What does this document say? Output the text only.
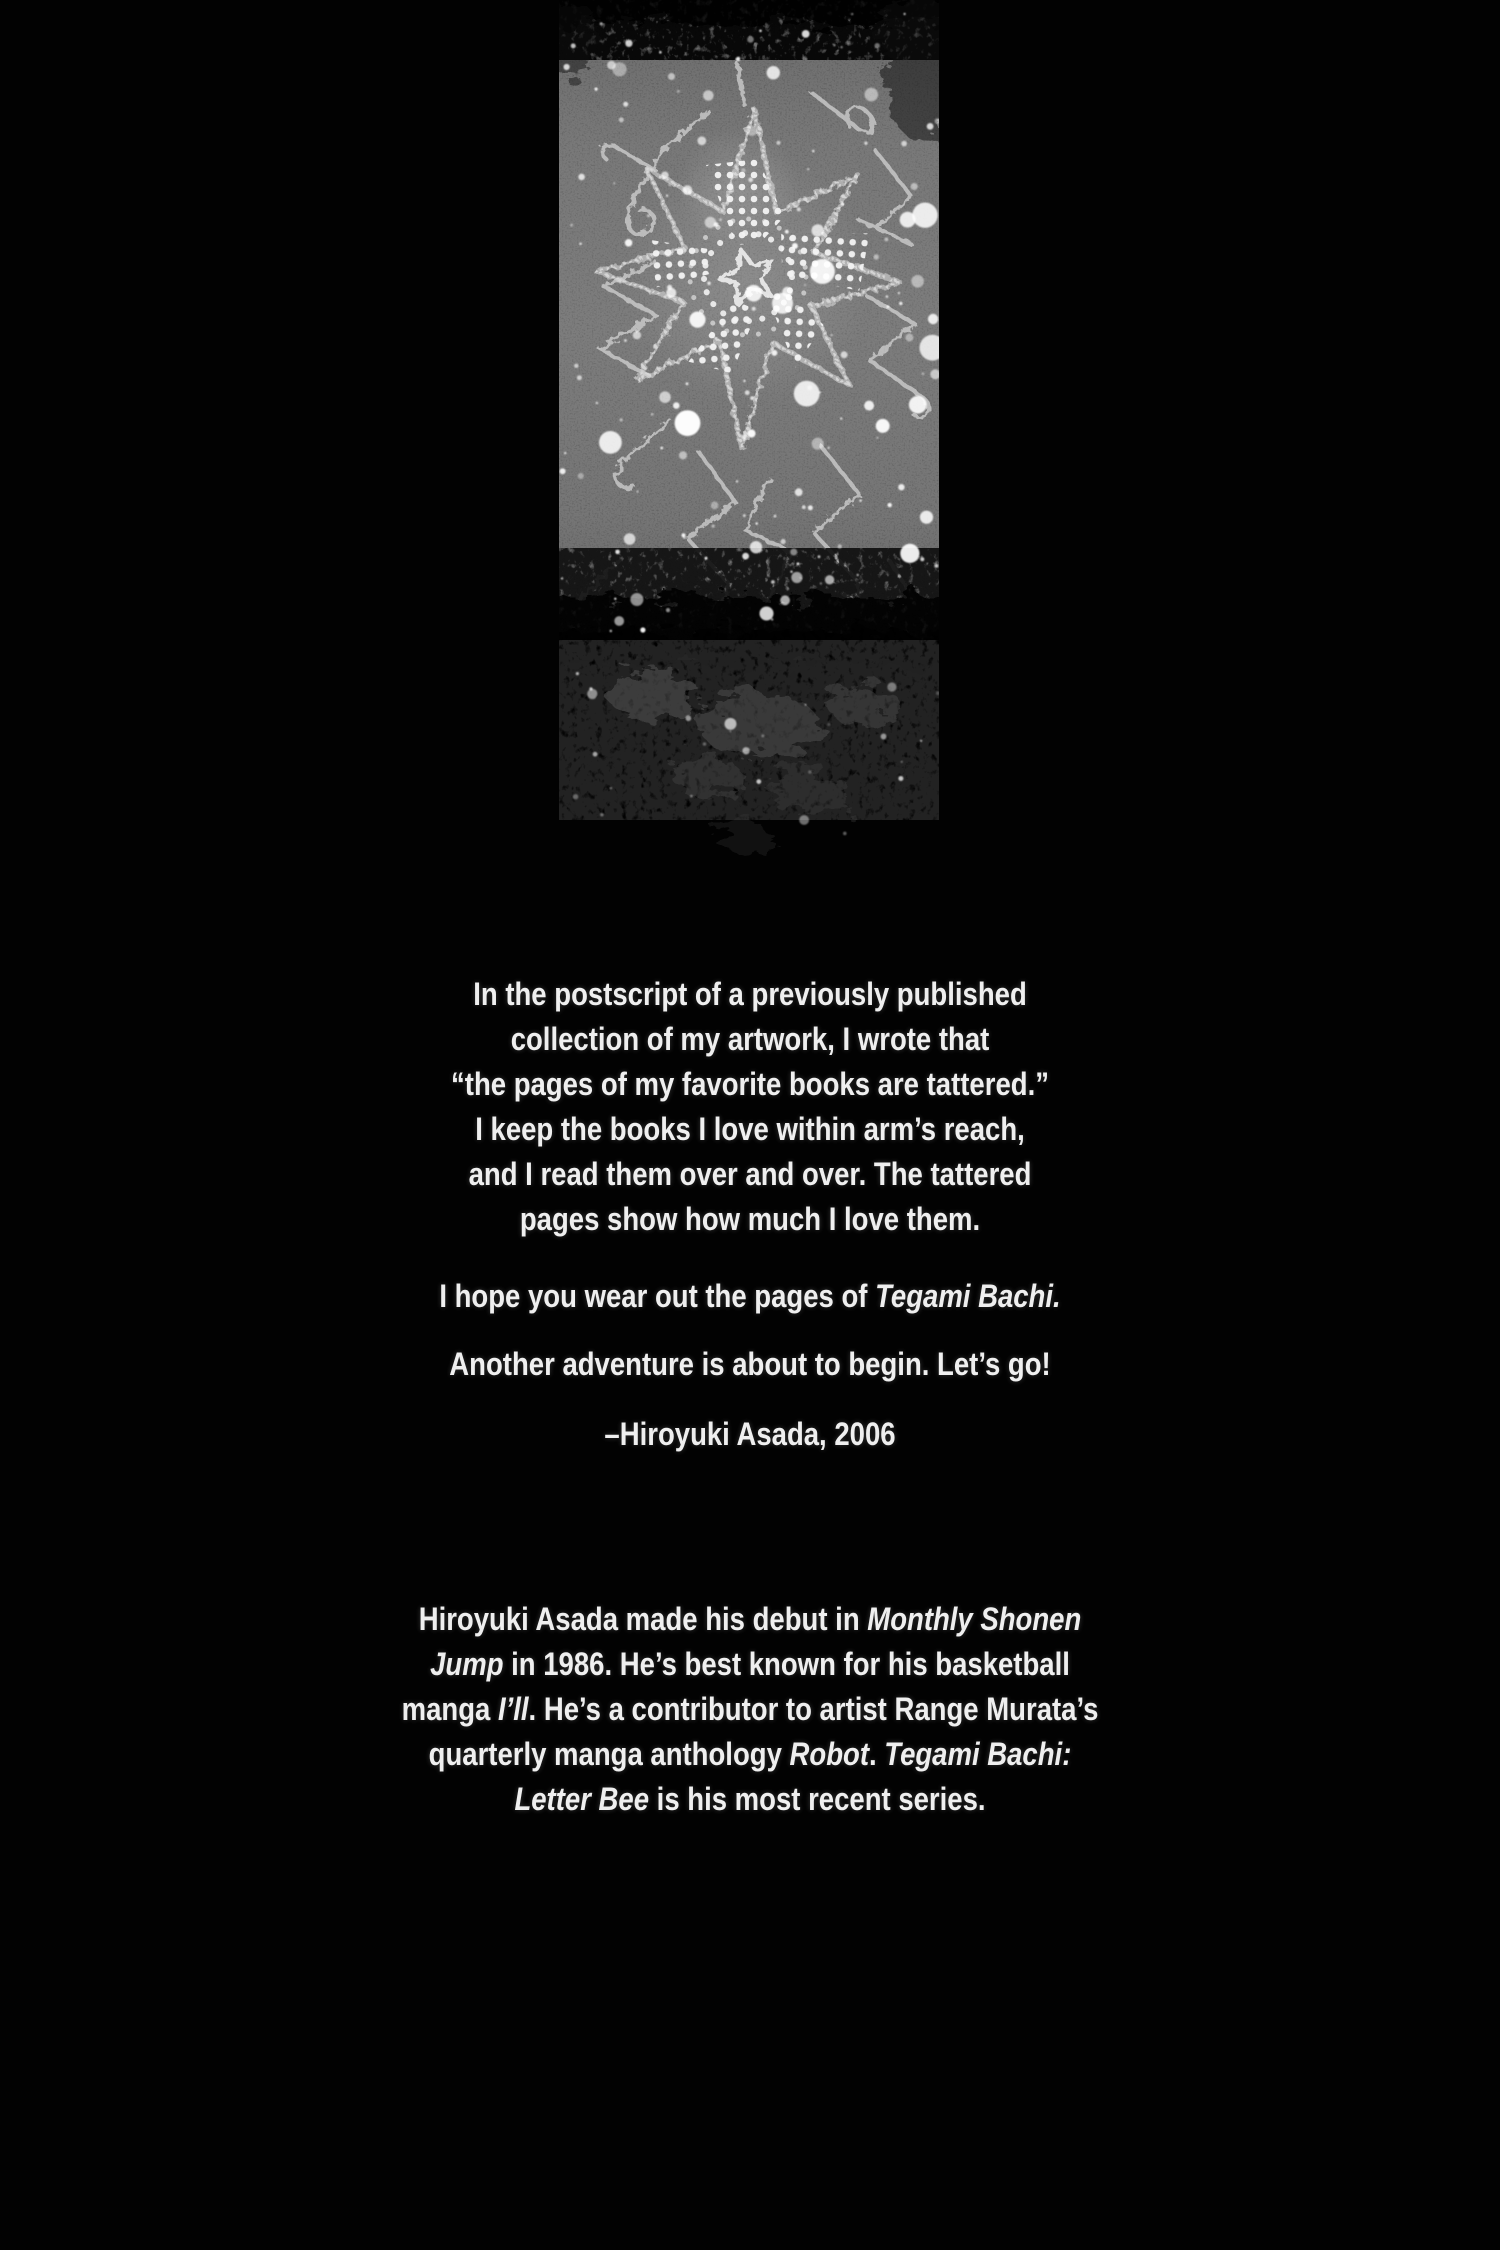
In the postscript of a previously published
collection of my artwork, I wrote that
“the pages of my favorite books are tattered.”
I keep the books I love within arm’s reach,
and I read them over and over. The tattered
pages show how much I love them.
I hope you wear out the pages of Tegami Bachi.
Another adventure is about to begin. Let’s go!
–Hiroyuki Asada, 2006
Hiroyuki Asada made his debut in Monthly Shonen
Jump in 1986. He’s best known for his basketball
manga I’ll. He’s a contributor to artist Range Murata’s
quarterly manga anthology Robot. Tegami Bachi:
Letter Bee is his most recent series.
